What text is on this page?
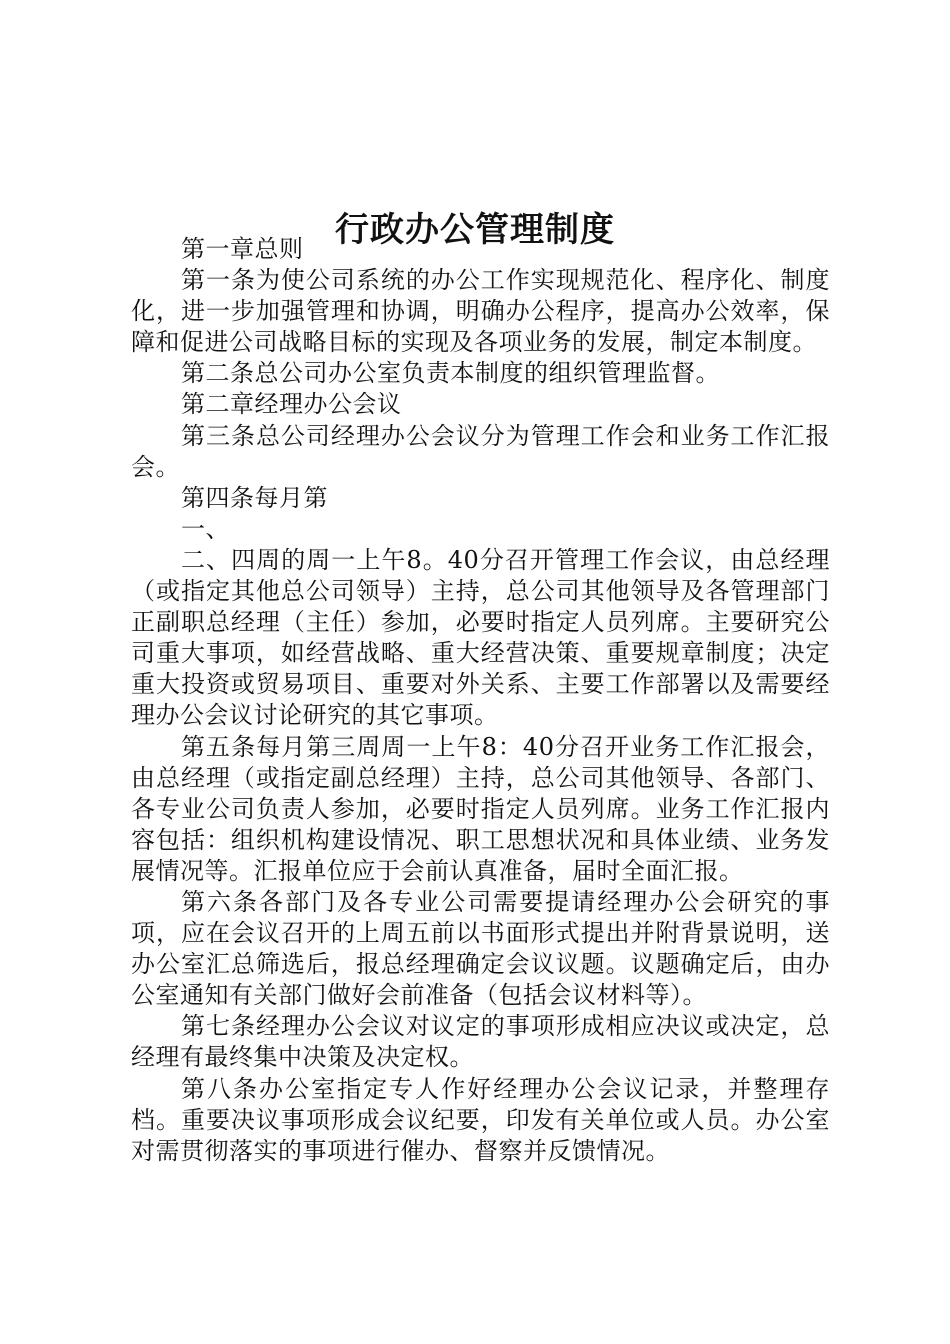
行政办公管理制度

第一章总则

第一条为使公司系统的办公工作实现规范化、程序化、制度化，进一步加强管理和协调，明确办公程序，提高办公效率，保障和促进公司战略目标的实现及各项业务的发展，制定本制度。

第二条总公司办公室负责本制度的组织管理监督。

第二章经理办公会议

第三条总公司经理办公会议分为管理工作会和业务工作汇报会。

第四条每月第

一、

二、四周的周一上午8。40分召开管理工作会议，由总经理（或指定其他总公司领导）主持，总公司其他领导及各管理部门正副职总经理（主任）参加，必要时指定人员列席。主要研究公司重大事项，如经营战略、重大经营决策、重要规章制度；决定重大投资或贸易项目、重要对外关系、主要工作部署以及需要经理办公会议讨论研究的其它事项。

第五条每月第三周周一上午8：40分召开业务工作汇报会，由总经理（或指定副总经理）主持，总公司其他领导、各部门、各专业公司负责人参加，必要时指定人员列席。业务工作汇报内容包括：组织机构建设情况、职工思想状况和具体业绩、业务发展情况等。汇报单位应于会前认真准备，届时全面汇报。

第六条各部门及各专业公司需要提请经理办公会研究的事项，应在会议召开的上周五前以书面形式提出并附背景说明，送办公室汇总筛选后，报总经理确定会议议题。议题确定后，由办公室通知有关部门做好会前准备（包括会议材料等）。

第七条经理办公会议对议定的事项形成相应决议或决定，总经理有最终集中决策及决定权。

第八条办公室指定专人作好经理办公会议记录，并整理存档。重要决议事项形成会议纪要，印发有关单位或人员。办公室对需贯彻落实的事项进行催办、督察并反馈情况。
